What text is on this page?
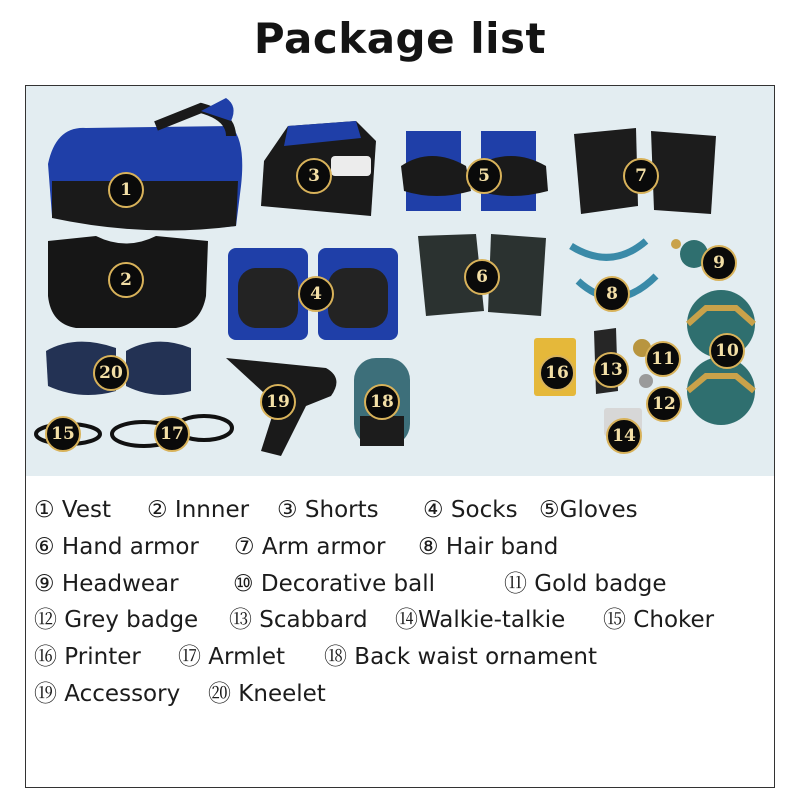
Package list
1
2
3
4
5
6
7
8
9
10
11
12
13
14
15
16
17
18
19
20
① Vest ② Innner ③ Shorts ④ Socks ⑤Gloves
⑥ Hand armor ⑦ Arm armor ⑧ Hair band
⑨ Headwear ⑩ Decorative ball	⑪ Gold badge
⑫ Grey badge ⑬ Scabbard ⑭Walkie-talkie ⑮ Choker
⑯ Printer ⑰ Armlet ⑱ Back waist ornament
⑲ Accessory ⑳ Kneelet
